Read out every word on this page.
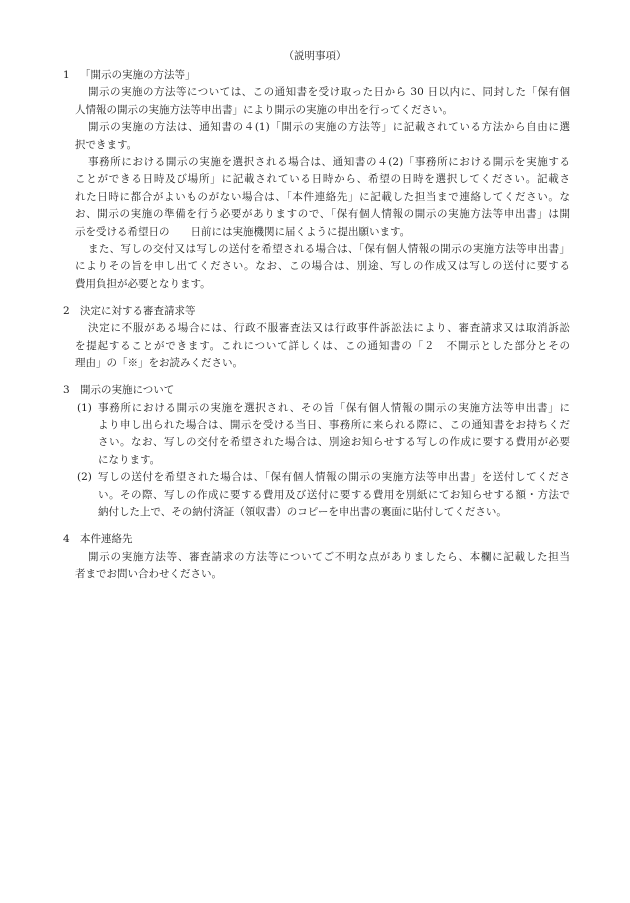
（説明事項）
1 「開示の実施の方法等」
開示の実施の方法等については、この通知書を受け取った日から 30 日以内に、同封した「保有個
人情報の開示の実施方法等申出書」により開示の実施の申出を行ってください。
開示の実施の方法は、通知書の４(1)「開示の実施の方法等」に記載されている方法から自由に選
択できます。
事務所における開示の実施を選択される場合は、通知書の４(2)「事務所における開示を実施する
ことができる日時及び場所」に記載されている日時から、希望の日時を選択してください。記載さ
れた日時に都合がよいものがない場合は、「本件連絡先」に記載した担当まで連絡してください。な
お、開示の実施の準備を行う必要がありますので、「保有個人情報の開示の実施方法等申出書」は開
示を受ける希望日の　　日前には実施機関に届くように提出願います。
また、写しの交付又は写しの送付を希望される場合は、「保有個人情報の開示の実施方法等申出書」
によりその旨を申し出てください。なお、この場合は、別途、写しの作成又は写しの送付に要する
費用負担が必要となります。
2 決定に対する審査請求等
決定に不服がある場合には、行政不服審査法又は行政事件訴訟法により、審査請求又は取消訴訟
を提起することができます。これについて詳しくは、この通知書の「２　不開示とした部分とその
理由」の「※」をお読みください。
3 開示の実施について
(1) 事務所における開示の実施を選択され、その旨「保有個人情報の開示の実施方法等申出書」に
より申し出られた場合は、開示を受ける当日、事務所に来られる際に、この通知書をお持ちくだ
さい。なお、写しの交付を希望された場合は、別途お知らせする写しの作成に要する費用が必要
になります。
(2) 写しの送付を希望された場合は、「保有個人情報の開示の実施方法等申出書」を送付してくださ
い。その際、写しの作成に要する費用及び送付に要する費用を別紙にてお知らせする額・方法で
納付した上で、その納付済証（領収書）のコピーを申出書の裏面に貼付してください。
4 本件連絡先
開示の実施方法等、審査請求の方法等についてご不明な点がありましたら、本欄に記載した担当
者までお問い合わせください。
